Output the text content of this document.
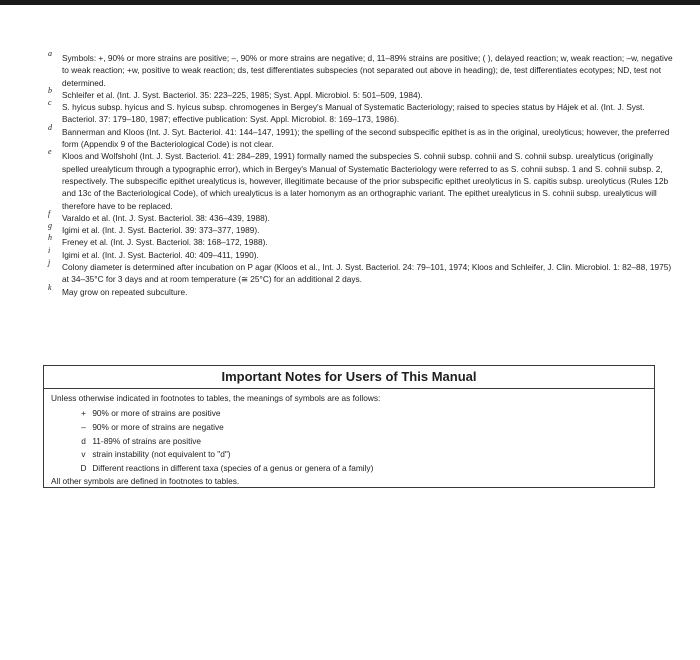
a Symbols: +, 90% or more strains are positive; –, 90% or more strains are negative; d, 11–89% strains are positive; ( ), delayed reaction; w, weak reaction; –w, negative to weak reaction; +w, positive to weak reaction; ds, test differentiates subspecies (not separated out above in heading); de, test differentiates ecotypes; ND, test not determined.

b Schleifer et al. (Int. J. Syst. Bacteriol. 35: 223–225, 1985; Syst. Appl. Microbiol. 5: 501–509, 1984).

c S. hyicus subsp. hyicus and S. hyicus subsp. chromogenes in Bergey's Manual of Systematic Bacteriology; raised to species status by Hájek et al. (Int. J. Syst. Bacteriol. 37: 179–180, 1987; effective publication: Syst. Appl. Microbiol. 8: 169–173, 1986).

d Bannerman and Kloos (Int. J. Syt. Bacteriol. 41: 144–147, 1991); the spelling of the second subspecific epithet is as in the original, ureolyticus; however, the preferred form (Appendix 9 of the Bacteriological Code) is not clear.

e Kloos and Wolfshohl (Int. J. Syst. Bacteriol. 41: 284–289, 1991) formally named the subspecies S. cohnii subsp. cohnii and S. cohnii subsp. urealyticus (originally spelled urealyticum through a typographic error), which in Bergey's Manual of Systematic Bacteriology were referred to as S. cohnii subsp. 1 and S. cohnii subsp. 2, respectively. The subspecific epithet urealyticus is, however, illegitimate because of the prior subspecific epithet ureolyticus in S. capitis subsp. ureolyticus (Rules 12b and 13c of the Bacteriological Code), of which urealyticus is a later homonym as an orthographic variant. The epithet urealyticus in S. cohnii subsp. urealyticus will therefore have to be replaced.

f Varaldo et al. (Int. J. Syst. Bacteriol. 38: 436–439, 1988).

g Igimi et al. (Int. J. Syst. Bacteriol. 39: 373–377, 1989).

h Freney et al. (Int. J. Syst. Bacteriol. 38: 168–172, 1988).

i Igimi et al. (Int. J. Syst. Bacteriol. 40: 409–411, 1990).

j Colony diameter is determined after incubation on P agar (Kloos et al., Int. J. Syst. Bacteriol. 24: 79–101, 1974; Kloos and Schleifer, J. Clin. Microbiol. 1: 82–88, 1975) at 34–35°C for 3 days and at room temperature (≅ 25°C) for an additional 2 days.

k May grow on repeated subculture.

Important Notes for Users of This Manual
Unless otherwise indicated in footnotes to tables, the meanings of symbols are as follows:
+ 90% or more of strains are positive
– 90% or more of strains are negative
d 11-89% of strains are positive
v strain instability (not equivalent to "d")
D Different reactions in different taxa (species of a genus or genera of a family)
All other symbols are defined in footnotes to tables.
